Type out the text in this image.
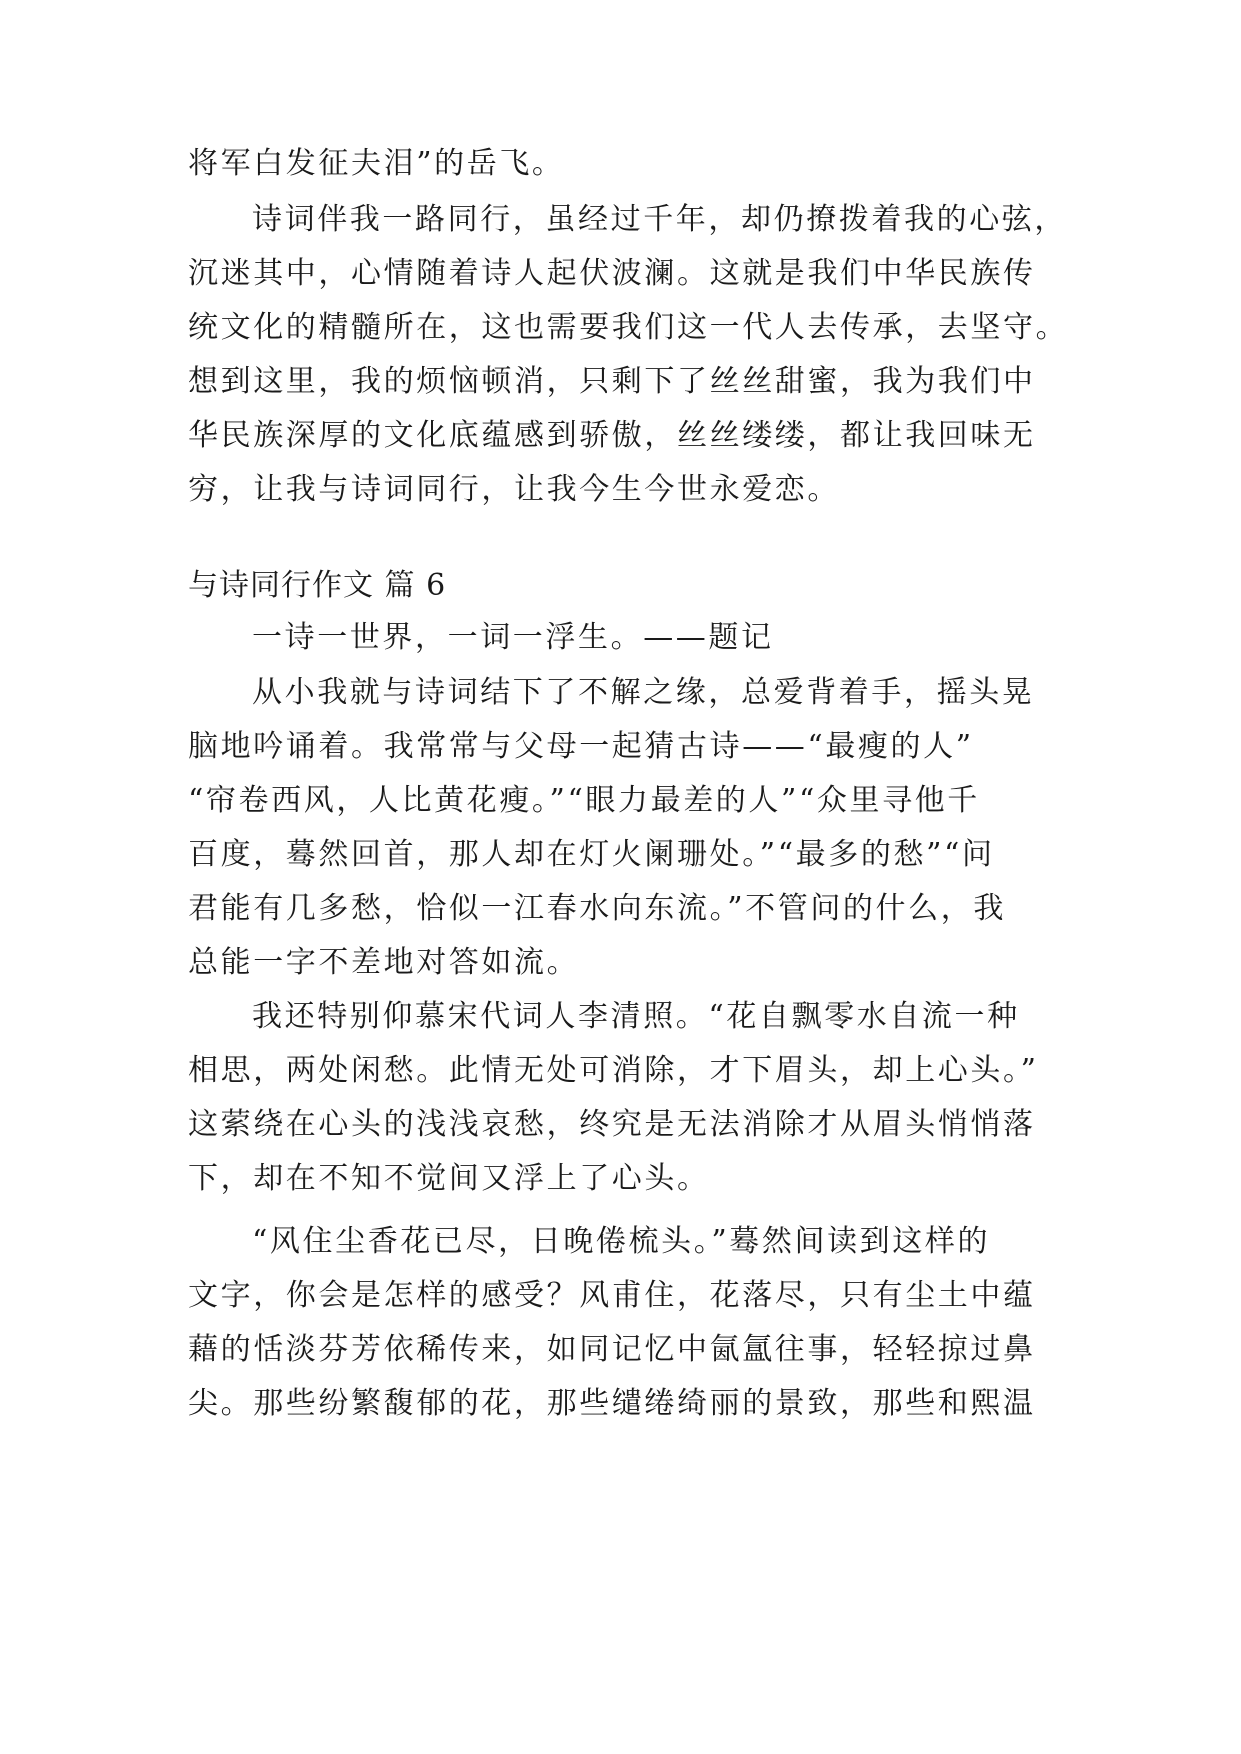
将军白发征夫泪”的岳飞。
诗词伴我一路同行，虽经过千年，却仍撩拨着我的心弦，
沉迷其中，心情随着诗人起伏波澜。这就是我们中华民族传
统文化的精髓所在，这也需要我们这一代人去传承，去坚守。
想到这里，我的烦恼顿消，只剩下了丝丝甜蜜，我为我们中
华民族深厚的文化底蕴感到骄傲，丝丝缕缕，都让我回味无
穷，让我与诗词同行，让我今生今世永爱恋。
与诗同行作文 篇 6
一诗一世界，一词一浮生。——题记
从小我就与诗词结下了不解之缘，总爱背着手，摇头晃
脑地吟诵着。我常常与父母一起猜古诗——“最瘦的人”
“帘卷西风，人比黄花瘦。”“眼力最差的人”“众里寻他千
百度，蓦然回首，那人却在灯火阑珊处。”“最多的愁”“问
君能有几多愁，恰似一江春水向东流。”不管问的什么，我
总能一字不差地对答如流。
我还特别仰慕宋代词人李清照。“花自飘零水自流一种
相思，两处闲愁。此情无处可消除，才下眉头，却上心头。”
这萦绕在心头的浅浅哀愁，终究是无法消除才从眉头悄悄落
下，却在不知不觉间又浮上了心头。
“风住尘香花已尽，日晚倦梳头。”蓦然间读到这样的
文字，你会是怎样的感受？风甫住，花落尽，只有尘土中蕴
藉的恬淡芬芳依稀传来，如同记忆中氤氲往事，轻轻掠过鼻
尖。那些纷繁馥郁的花，那些缱绻绮丽的景致，那些和熙温
